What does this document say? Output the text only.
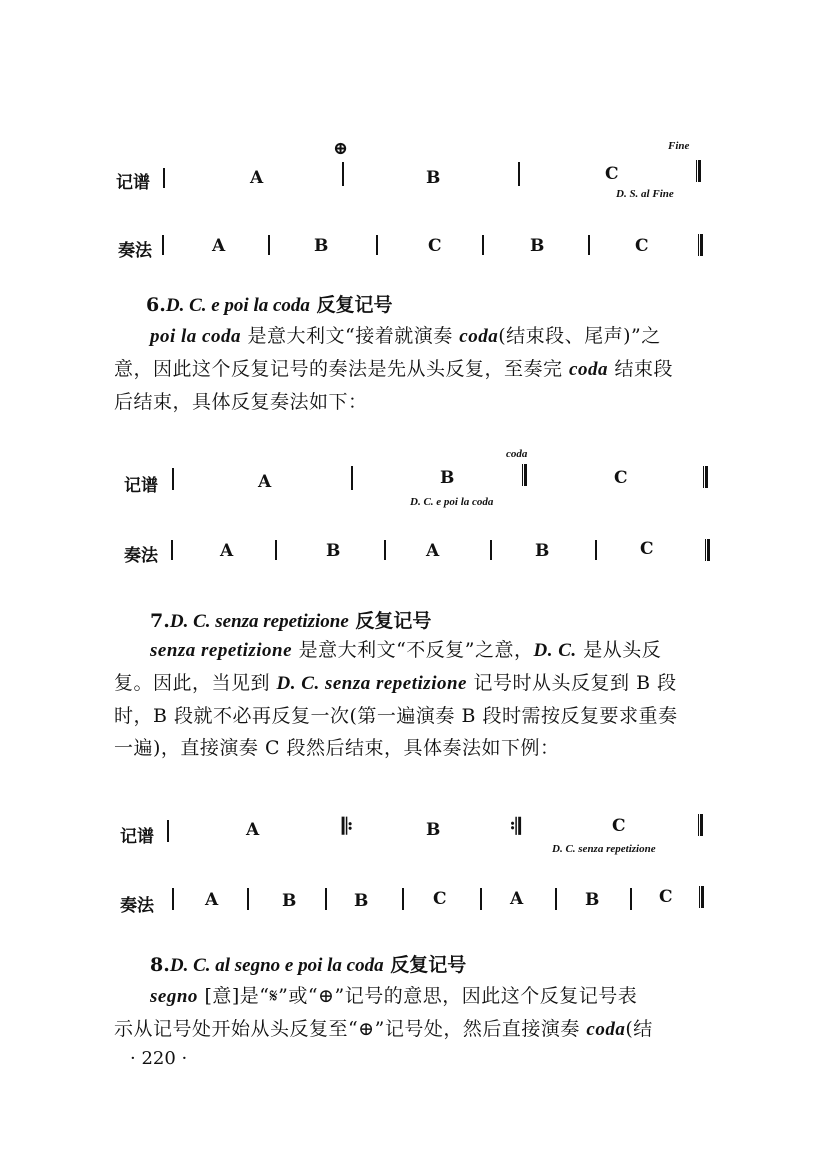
⊕	Fine
记谱	A	B	C
D. S. al Fine
奏法	A	B	C	B	C
6.D. C. e poi la coda 反复记号
poi la coda 是意大利文“接着就演奏 coda(结束段、尾声)”之
意，因此这个反复记号的奏法是先从头反复，至奏完 coda 结束段
后结束，具体反复奏法如下：
coda
记谱	A	B	C
D. C. e poi la coda
奏法	A	B	A	B	C
7.D. C. senza repetizione 反复记号
senza repetizione 是意大利文“不反复”之意，D. C. 是从头反
复。因此，当见到 D. C. senza repetizione 记号时从头反复到 B 段
时，B 段就不必再反复一次(第一遍演奏 B 段时需按反复要求重奏
一遍)，直接演奏 C 段然后结束，具体奏法如下例：
记谱	A	𝄆	B	𝄇	C
D. C. senza repetizione
奏法	A	B	B	C	A	B	C
8.D. C. al segno e poi la coda 反复记号
segno [意]是“𝄋”或“⊕”记号的意思，因此这个反复记号表
示从记号处开始从头反复至“⊕”记号处，然后直接演奏 coda(结
· 220 ·
